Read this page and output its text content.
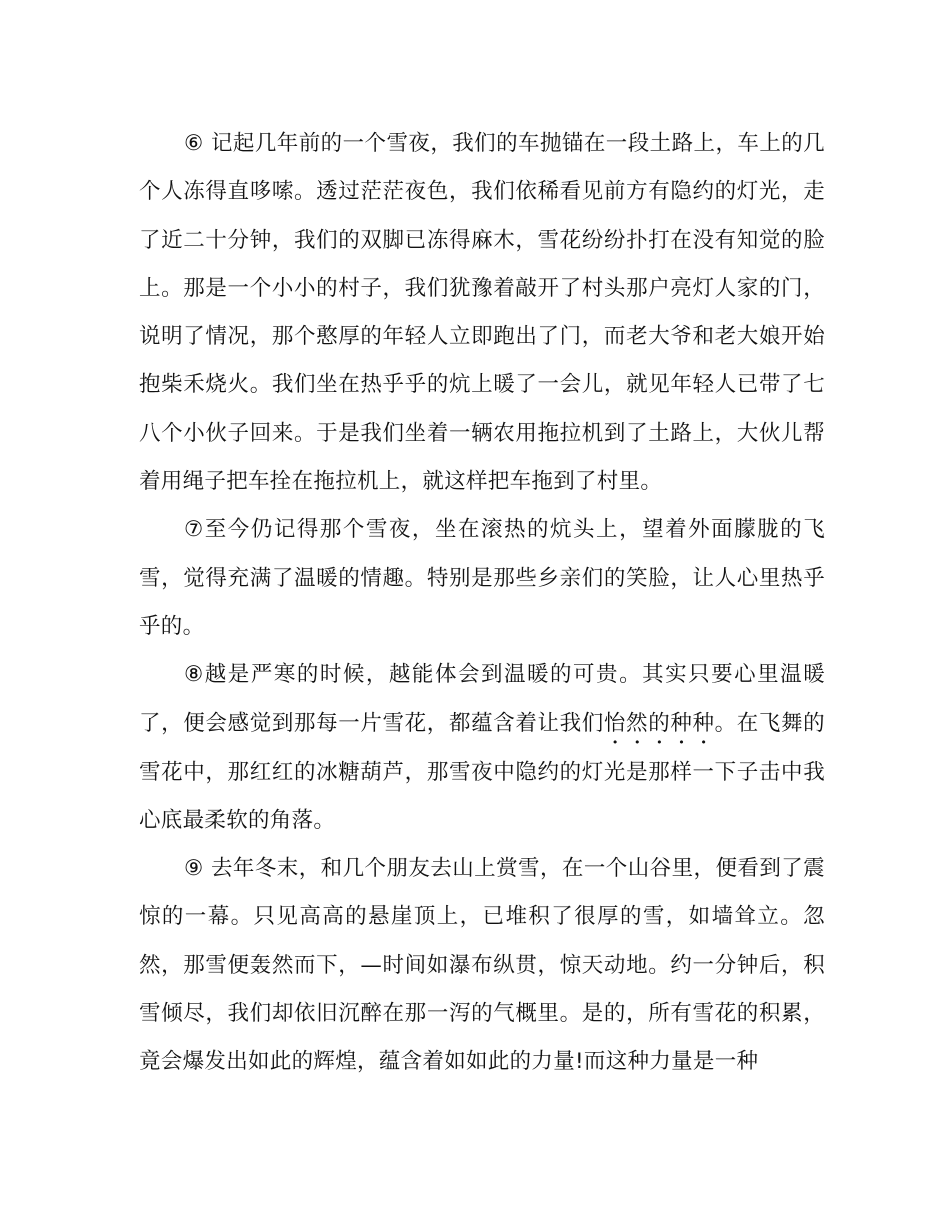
⑥ 记起几年前的一个雪夜，我们的车抛锚在一段土路上，车上的几个人冻得直哆嗦。透过茫茫夜色，我们依稀看见前方有隐约的灯光，走了近二十分钟，我们的双脚已冻得麻木，雪花纷纷扑打在没有知觉的脸上。那是一个小小的村子，我们犹豫着敲开了村头那户亮灯人家的门，说明了情况，那个憨厚的年轻人立即跑出了门，而老大爷和老大娘开始抱柴禾烧火。我们坐在热乎乎的炕上暖了一会儿，就见年轻人已带了七八个小伙子回来。于是我们坐着一辆农用拖拉机到了土路上，大伙儿帮着用绳子把车拴在拖拉机上，就这样把车拖到了村里。

⑦至今仍记得那个雪夜，坐在滚热的炕头上，望着外面朦胧的飞雪，觉得充满了温暖的情趣。特别是那些乡亲们的笑脸，让人心里热乎乎的。

⑧越是严寒的时候，越能体会到温暖的可贵。其实只要心里温暖了，便会感觉到那每一片雪花，都蕴含着让我们怡然的种种。在飞舞的雪花中，那红红的冰糖葫芦，那雪夜中隐约的灯光是那样一下子击中我心底最柔软的角落。

⑨ 去年冬末，和几个朋友去山上赏雪，在一个山谷里，便看到了震惊的一幕。只见高高的悬崖顶上，已堆积了很厚的雪，如墙耸立。忽然，那雪便轰然而下，—时间如瀑布纵贯，惊天动地。约一分钟后，积雪倾尽，我们却依旧沉醉在那一泻的气概里。是的，所有雪花的积累，竟会爆发出如此的辉煌，蕴含着如如此的力量!而这种力量是一种
